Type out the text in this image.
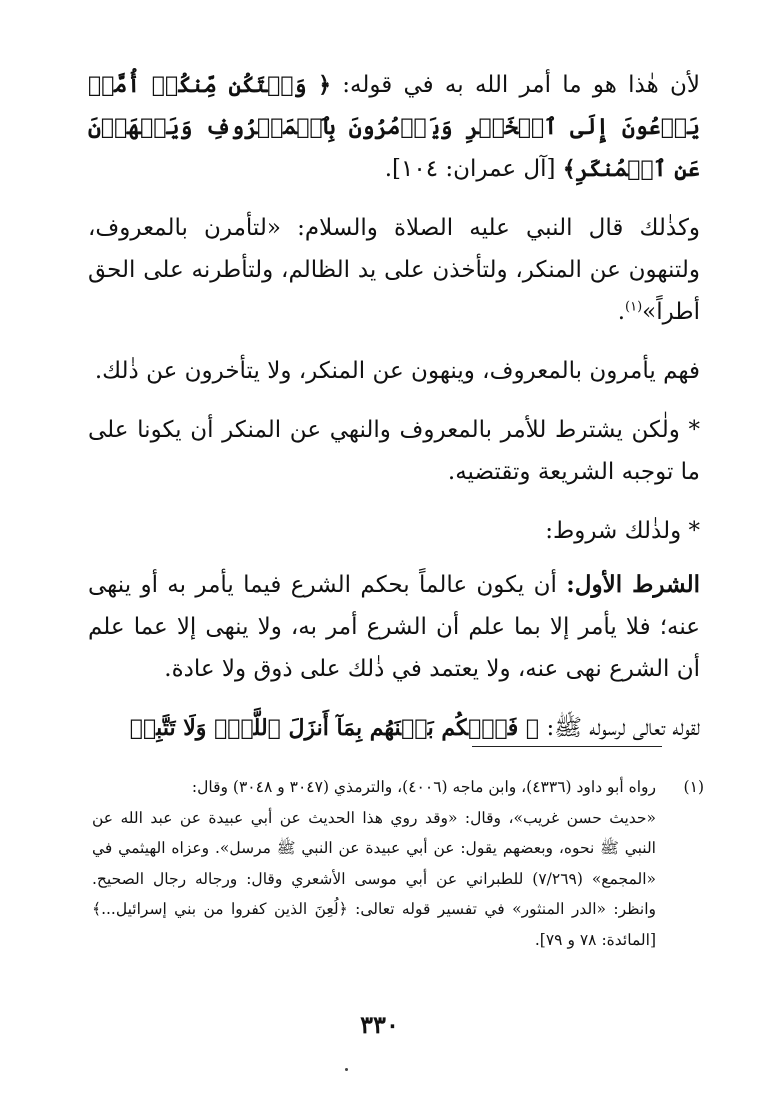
لأن هٰذا هو ما أمر الله به في قوله: ﴿ وَلۡتَكُن مِّنكُمۡ أُمَّةٞ يَدۡعُونَ إِلَى ٱلۡخَيۡرِ وَيَأۡمُرُونَ بِٱلۡمَعۡرُوفِ وَيَنۡهَوۡنَ عَنِ ٱلۡمُنكَرِ﴾ [آل عمران: ١٠٤].

وكذٰلك قال النبي عليه الصلاة والسلام: «لتأمرن بالمعروف، ولتنهون عن المنكر، ولتأخذن على يد الظالم، ولتأطرنه على الحق أطراً»$^{(١)}$.

فهم يأمرون بالمعروف، وينهون عن المنكر، ولا يتأخرون عن ذٰلك.

* ولٰكن يشترط للأمر بالمعروف والنهي عن المنكر أن يكونا على ما توجبه الشريعة وتقتضيه.

* ولذٰلك شروط:

الشرط الأول: أن يكون عالماً بحكم الشرع فيما يأمر به أو ينهى عنه؛ فلا يأمر إلا بما علم أن الشرع أمر به، ولا ينهى إلا عما علم أن الشرع نهى عنه، ولا يعتمد في ذٰلك على ذوق ولا عادة.

لقوله تعالى لرسوله ﷺ: ﴿ فَٱحۡكُم بَيۡنَهُم بِمَآ أَنزَلَ ٱللَّهُۖ وَلَا تَتَّبِعۡ

(١)رواه أبو داود (٤٣٣٦)، وابن ماجه (٤٠٠٦)، والترمذي (٣٠٤٧ و ٣٠٤٨) وقال:
«حديث حسن غريب»، وقال: «وقد روي هذا الحديث عن أبي عبيدة عن عبد الله عن النبي ﷺ نحوه، وبعضهم يقول: عن أبي عبيدة عن النبي ﷺ مرسل». وعزاه الهيثمي في «المجمع» (٧/٢٦٩) للطبراني عن أبي موسى الأشعري وقال: ورجاله رجال الصحيح. وانظر: «الدر المنثور» في تفسير قوله تعالى: ﴿لُعِنَ الذين كفروا من بني إسرائيل...﴾ [المائدة: ٧٨ و ٧٩].
٣٣٠
